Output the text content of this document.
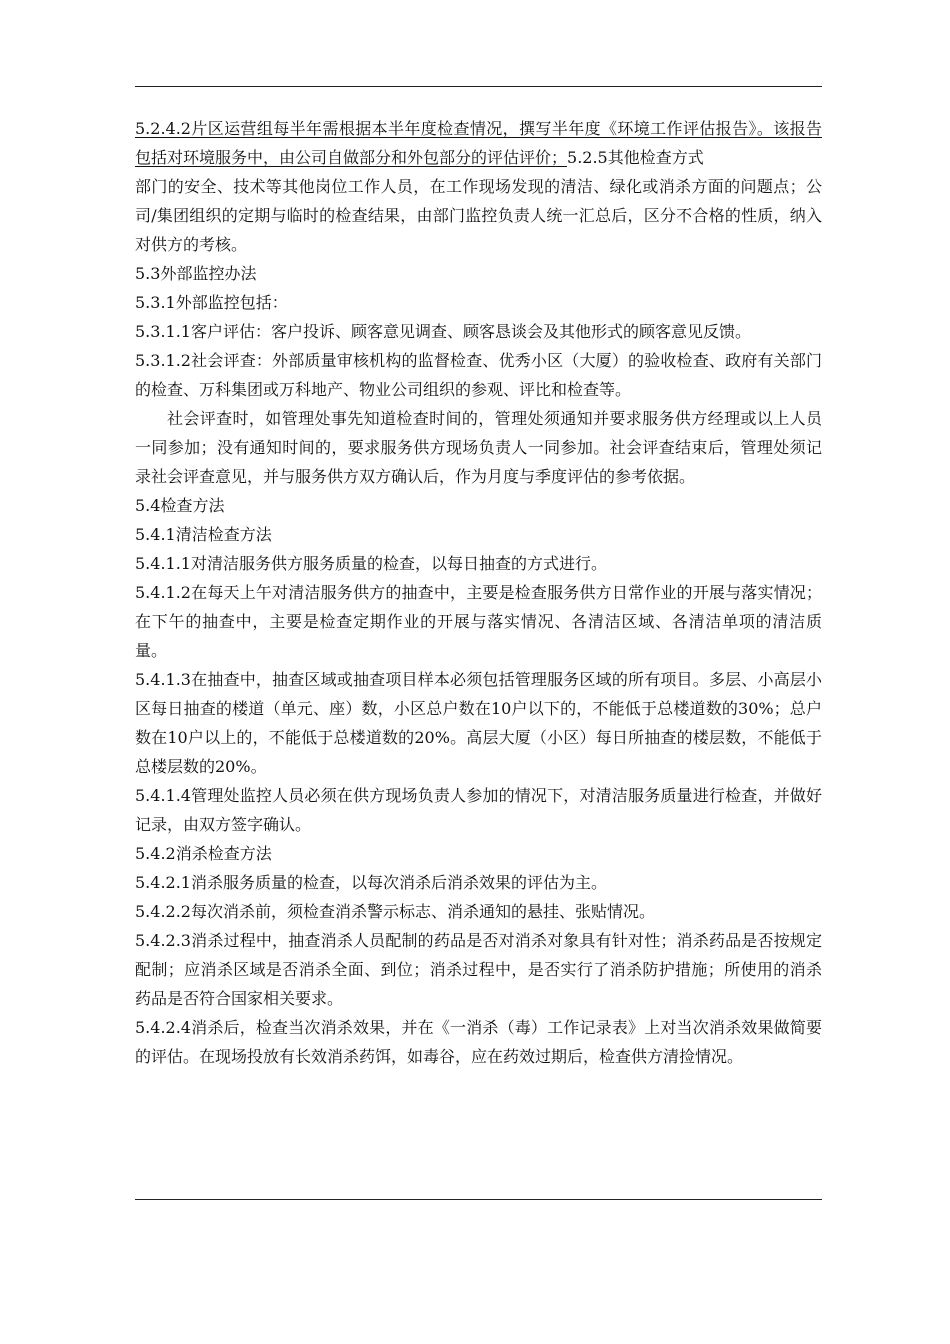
5.2.4.2片区运营组每半年需根据本半年度检查情况，撰写半年度《环境工作评估报告》。该报告包括对环境服务中，由公司自做部分和外包部分的评估评价；5.2.5其他检查方式

部门的安全、技术等其他岗位工作人员，在工作现场发现的清洁、绿化或消杀方面的问题点；公司/集团组织的定期与临时的检查结果，由部门监控负责人统一汇总后，区分不合格的性质，纳入对供方的考核。

5.3外部监控办法

5.3.1外部监控包括：

5.3.1.1客户评估：客户投诉、顾客意见调查、顾客恳谈会及其他形式的顾客意见反馈。

5.3.1.2社会评查：外部质量审核机构的监督检查、优秀小区（大厦）的验收检查、政府有关部门的检查、万科集团或万科地产、物业公司组织的参观、评比和检查等。

社会评查时，如管理处事先知道检查时间的，管理处须通知并要求服务供方经理或以上人员一同参加；没有通知时间的，要求服务供方现场负责人一同参加。社会评查结束后，管理处须记录社会评查意见，并与服务供方双方确认后，作为月度与季度评估的参考依据。

5.4检查方法

5.4.1清洁检查方法

5.4.1.1对清洁服务供方服务质量的检查，以每日抽查的方式进行。

5.4.1.2在每天上午对清洁服务供方的抽查中，主要是检查服务供方日常作业的开展与落实情况；在下午的抽查中，主要是检查定期作业的开展与落实情况、各清洁区域、各清洁单项的清洁质量。

5.4.1.3在抽查中，抽查区域或抽查项目样本必须包括管理服务区域的所有项目。多层、小高层小区每日抽查的楼道（单元、座）数，小区总户数在10户以下的，不能低于总楼道数的30%；总户数在10户以上的，不能低于总楼道数的20%。高层大厦（小区）每日所抽查的楼层数，不能低于总楼层数的20%。

5.4.1.4管理处监控人员必须在供方现场负责人参加的情况下，对清洁服务质量进行检查，并做好记录，由双方签字确认。

5.4.2消杀检查方法

5.4.2.1消杀服务质量的检查，以每次消杀后消杀效果的评估为主。

5.4.2.2每次消杀前，须检查消杀警示标志、消杀通知的悬挂、张贴情况。

5.4.2.3消杀过程中，抽查消杀人员配制的药品是否对消杀对象具有针对性；消杀药品是否按规定配制；应消杀区域是否消杀全面、到位；消杀过程中，是否实行了消杀防护措施；所使用的消杀药品是否符合国家相关要求。

5.4.2.4消杀后，检查当次消杀效果，并在《一消杀（毒）工作记录表》上对当次消杀效果做简要的评估。在现场投放有长效消杀药饵，如毒谷，应在药效过期后，检查供方清捡情况。
